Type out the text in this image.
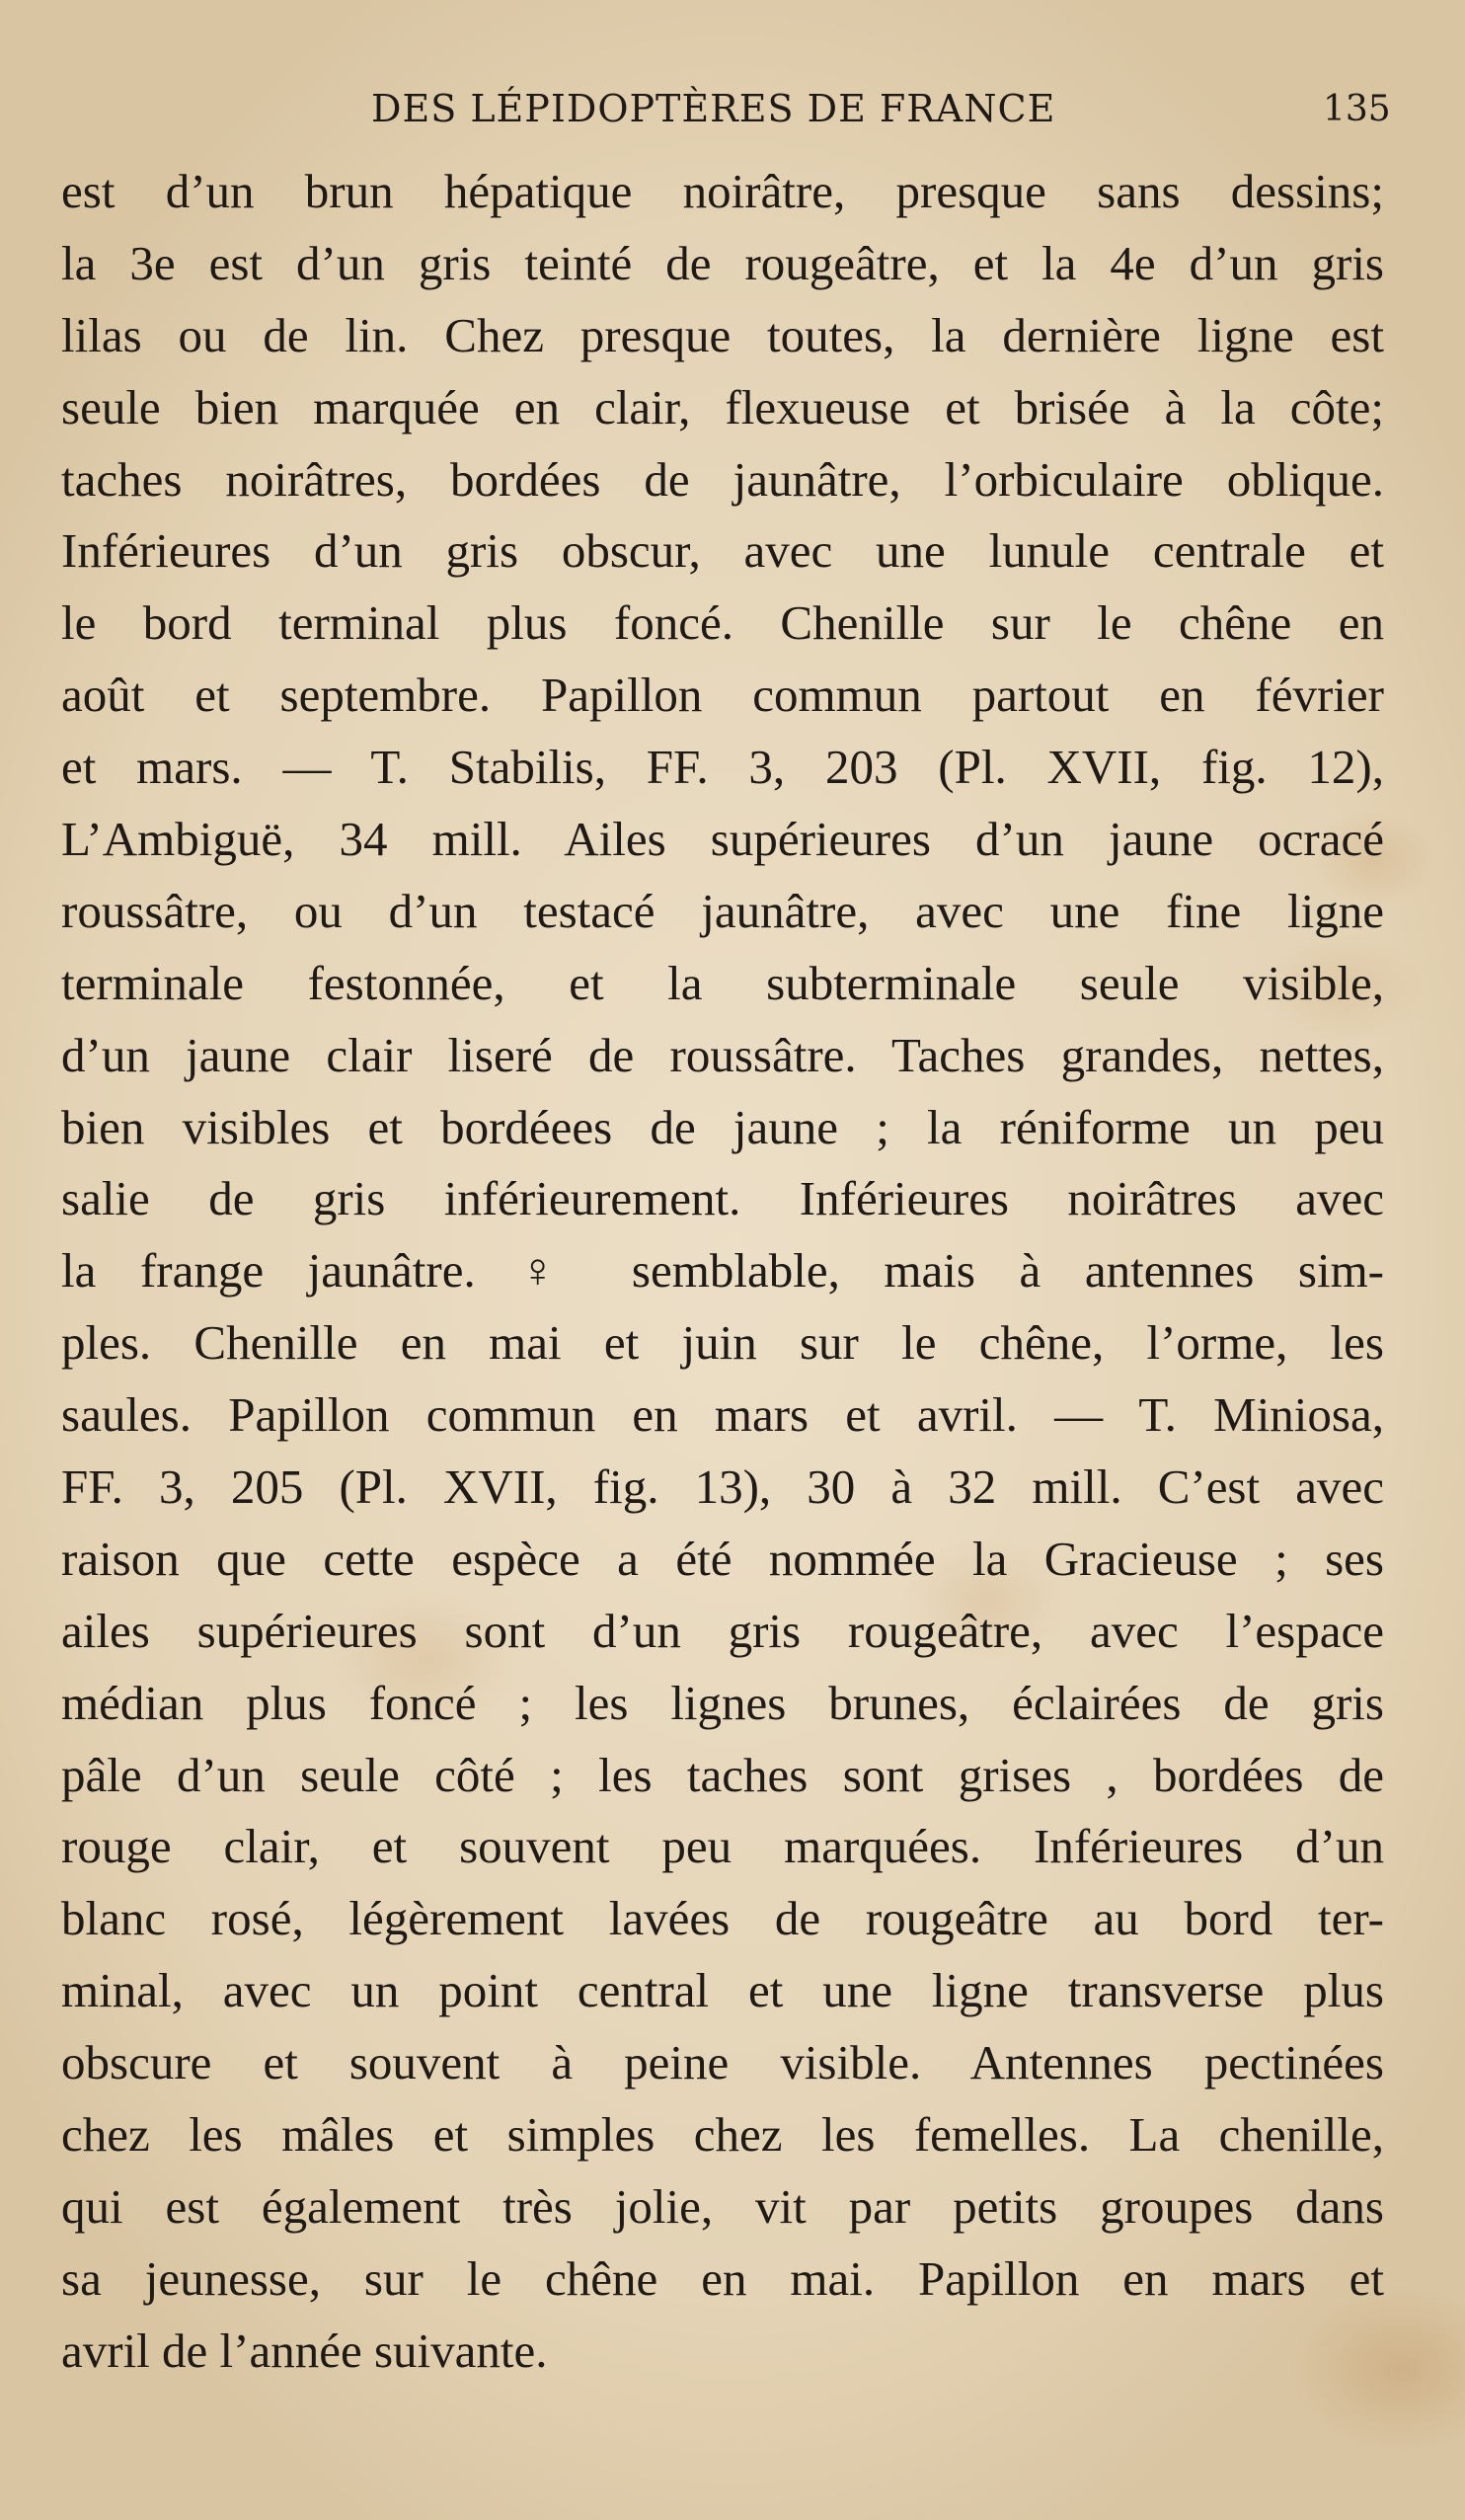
DES LÉPIDOPTÈRES DE FRANCE	135
est d’un brun hépatique noirâtre, presque sans dessins;
la 3e est d’un gris teinté de rougeâtre, et la 4e d’un gris
lilas ou de lin. Chez presque toutes, la dernière ligne est
seule bien marquée en clair, flexueuse et brisée à la côte;
taches noirâtres, bordées de jaunâtre, l’orbiculaire oblique.
Inférieures d’un gris obscur, avec une lunule centrale et
le bord terminal plus foncé. Chenille sur le chêne en
août et septembre. Papillon commun partout en février
et mars. — T. Stabilis, FF. 3, 203 (Pl. XVII, fig. 12),
L’Ambiguë, 34 mill. Ailes supérieures d’un jaune ocracé
roussâtre, ou d’un testacé jaunâtre, avec une fine ligne
terminale festonnée, et la subterminale seule visible,
d’un jaune clair liseré de roussâtre. Taches grandes, nettes,
bien visibles et bordéees de jaune ; la réniforme un peu
salie de gris inférieurement. Inférieures noirâtres avec
la frange jaunâtre. ♀ semblable, mais à antennes sim-
ples. Chenille en mai et juin sur le chêne, l’orme, les
saules. Papillon commun en mars et avril. — T. Miniosa,
FF. 3, 205 (Pl. XVII, fig. 13), 30 à 32 mill. C’est avec
raison que cette espèce a été nommée la Gracieuse ; ses
ailes supérieures sont d’un gris rougeâtre, avec l’espace
médian plus foncé ; les lignes brunes, éclairées de gris
pâle d’un seule côté ; les taches sont grises , bordées de
rouge clair, et souvent peu marquées. Inférieures d’un
blanc rosé, légèrement lavées de rougeâtre au bord ter-
minal, avec un point central et une ligne transverse plus
obscure et souvent à peine visible. Antennes pectinées
chez les mâles et simples chez les femelles. La chenille,
qui est également très jolie, vit par petits groupes dans
sa jeunesse, sur le chêne en mai. Papillon en mars et
avril de l’année suivante.
